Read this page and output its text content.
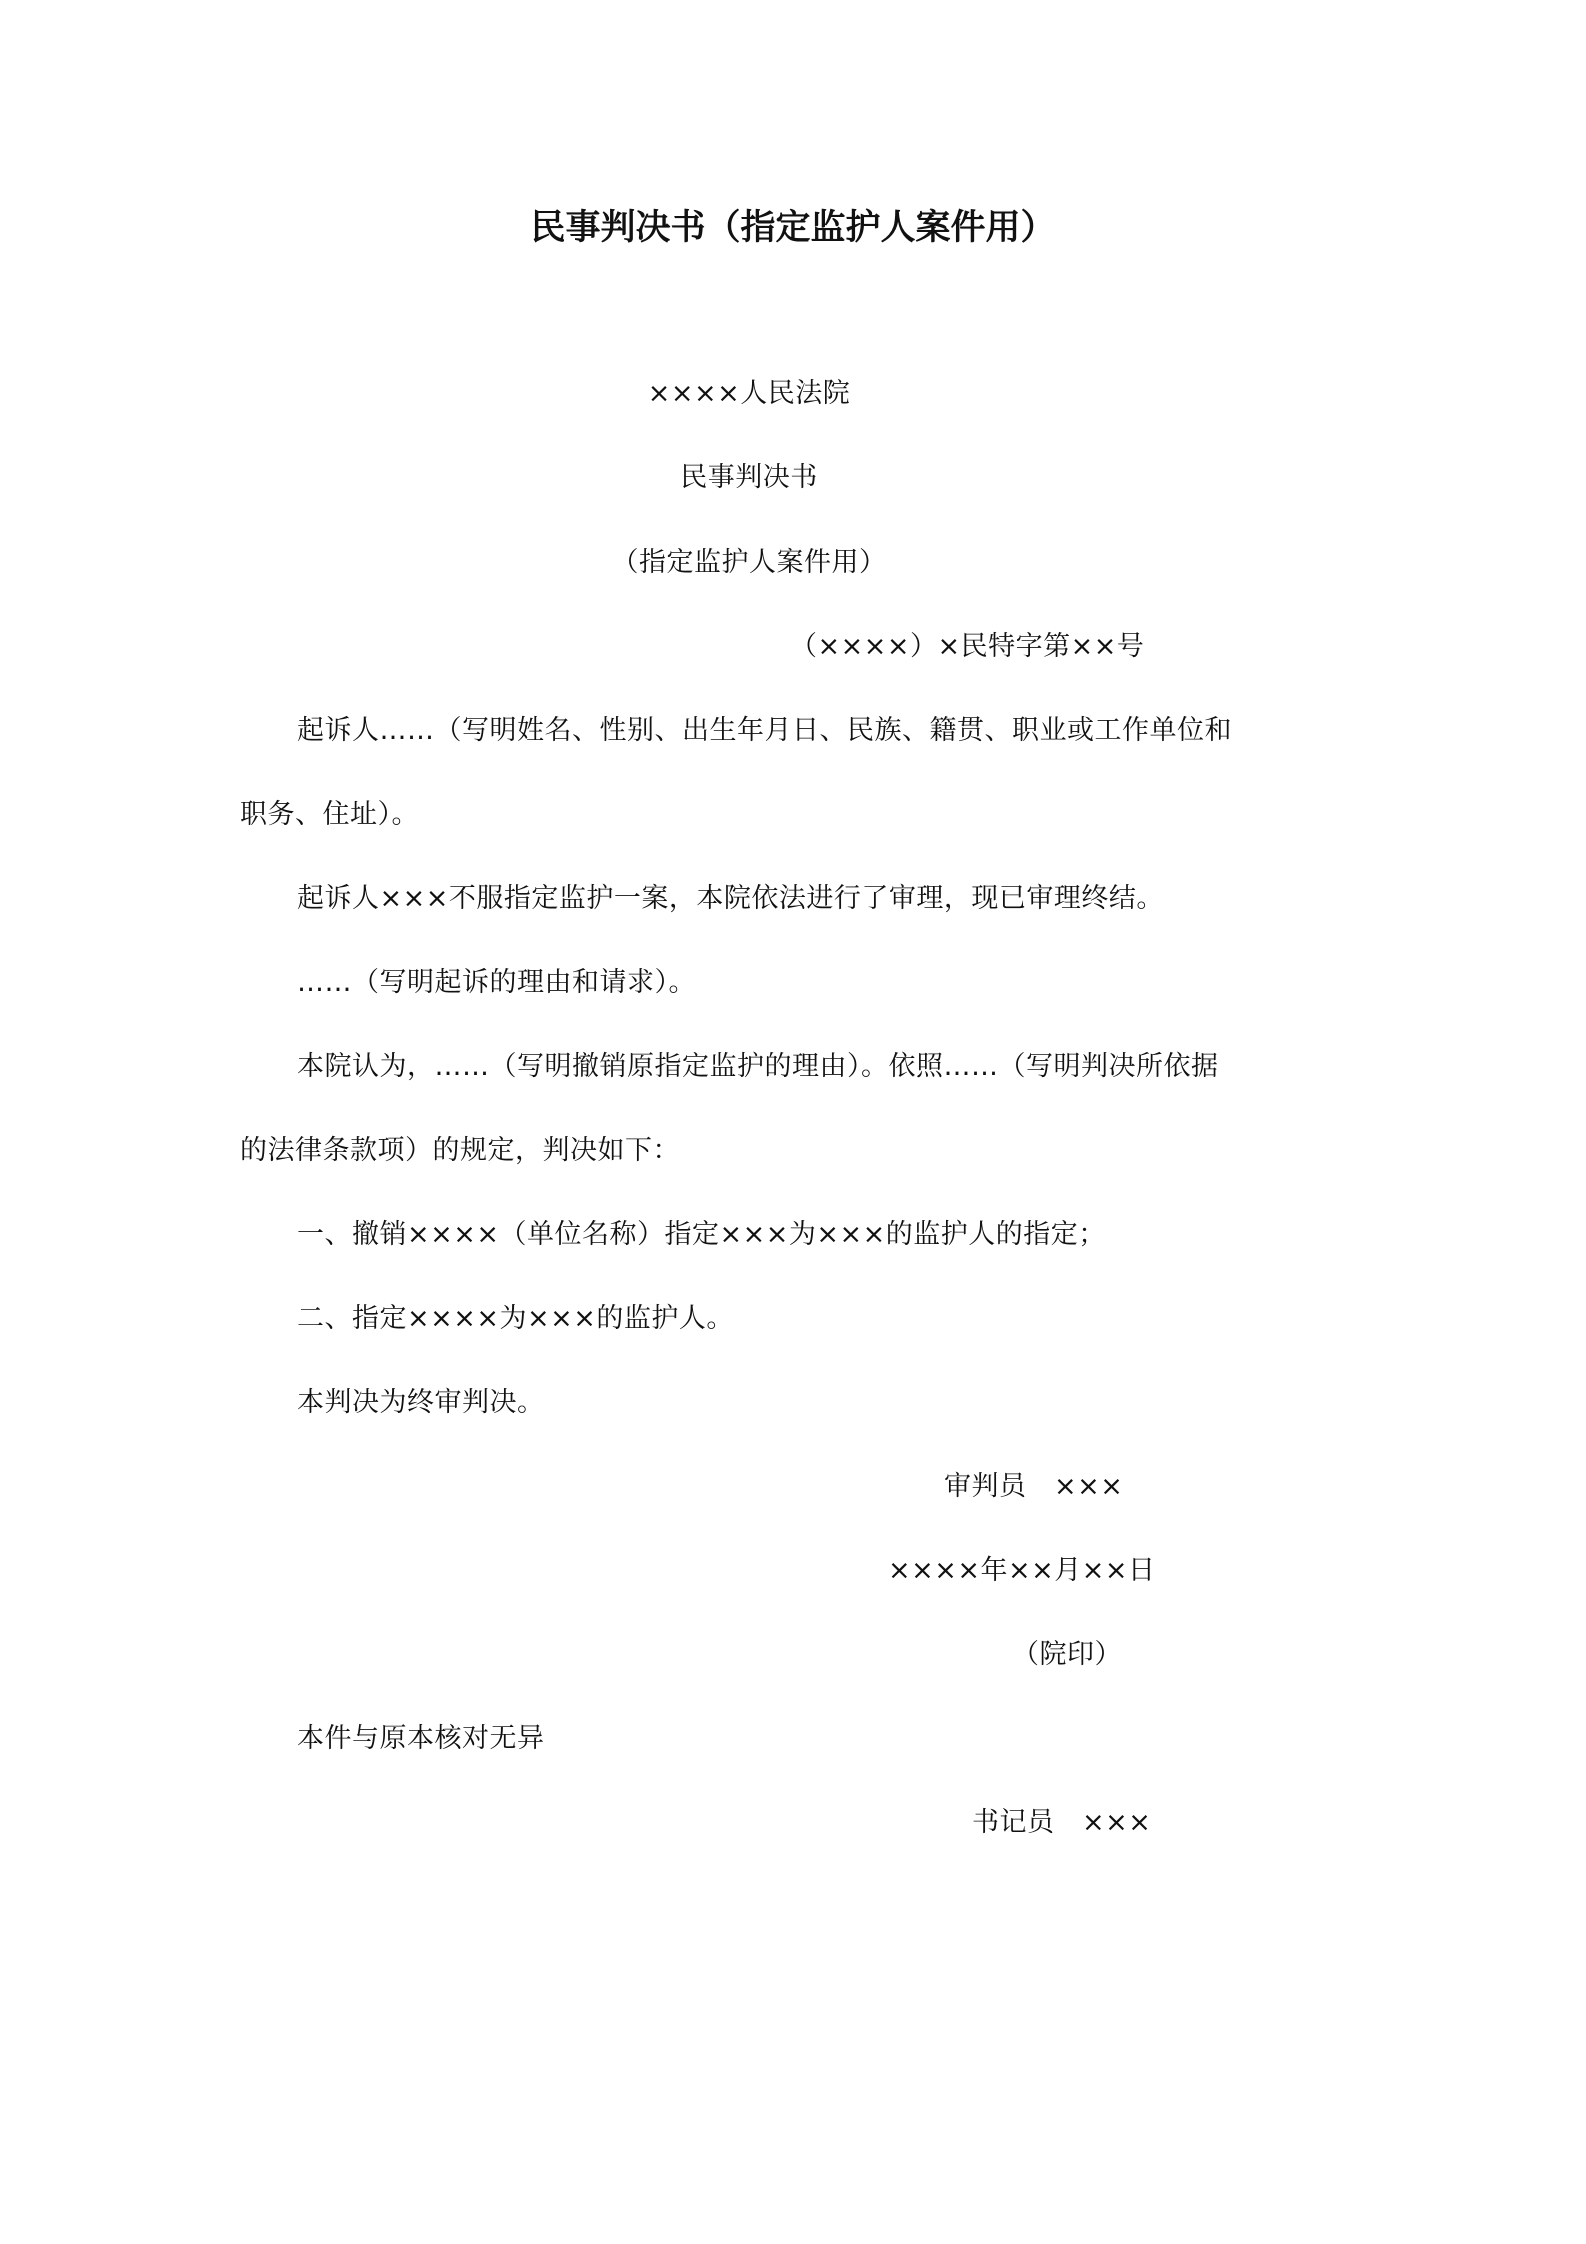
民事判决书（指定监护人案件用）
××××人民法院
民事判决书
（指定监护人案件用）
（××××）×民特字第××号
起诉人……（写明姓名、性别、出生年月日、民族、籍贯、职业或工作单位和
职务、住址）。
起诉人×××不服指定监护一案，本院依法进行了审理，现已审理终结。
……（写明起诉的理由和请求）。
本院认为，……（写明撤销原指定监护的理由）。依照……（写明判决所依据
的法律条款项）的规定，判决如下：
一、撤销××××（单位名称）指定×××为×××的监护人的指定；
二、指定××××为×××的监护人。
本判决为终审判决。
审判员　×××
××××年××月××日
（院印）
本件与原本核对无异
书记员　×××
